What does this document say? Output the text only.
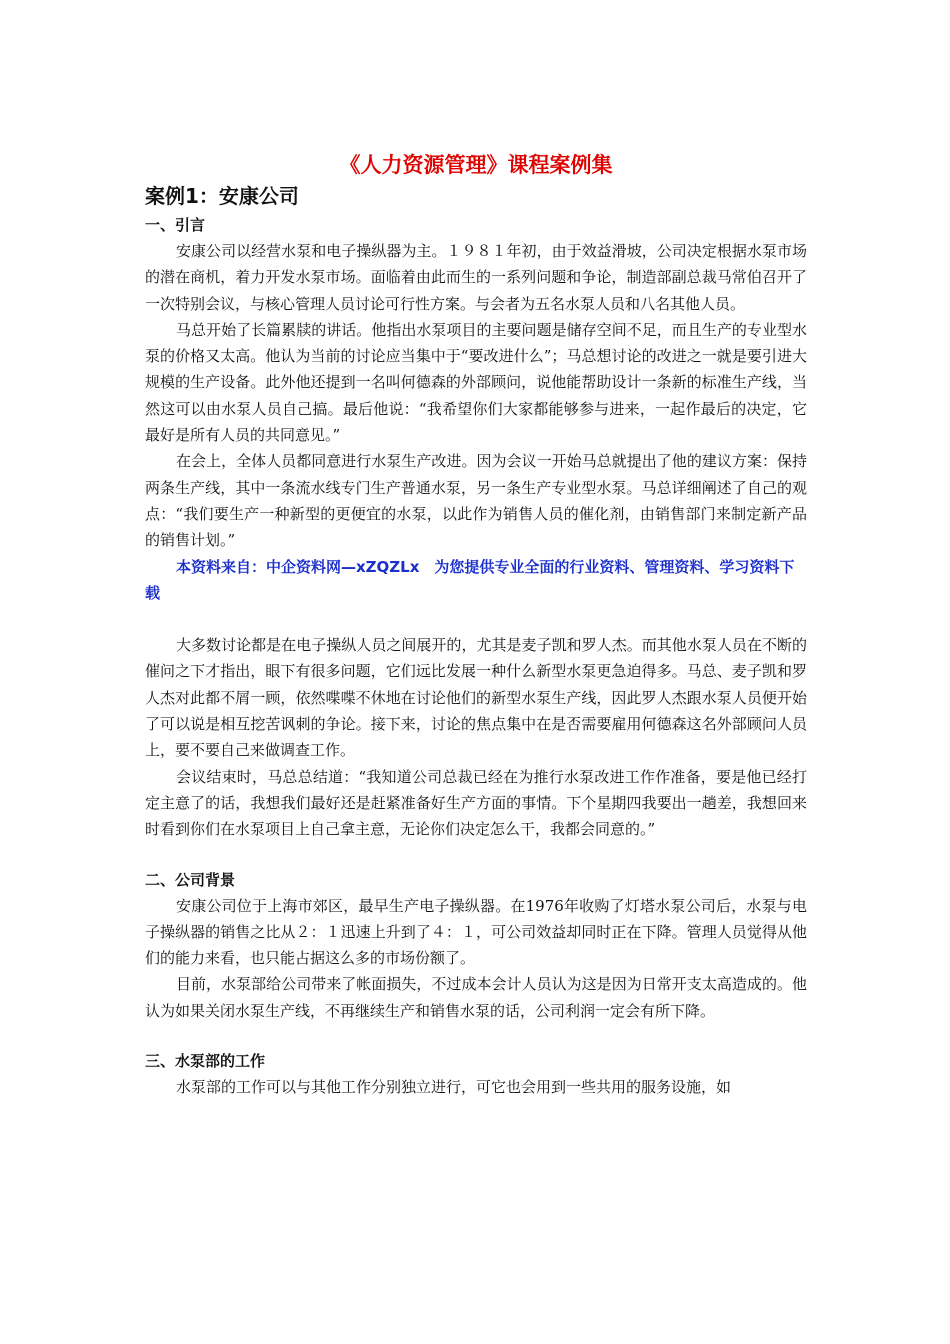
《人力资源管理》课程案例集
案例1：安康公司
一、引言

安康公司以经营水泵和电子操纵器为主。１９８１年初，由于效益滑坡，公司决定根据水泵市场的潜在商机，着力开发水泵市场。面临着由此而生的一系列问题和争论，制造部副总裁马常伯召开了一次特别会议，与核心管理人员讨论可行性方案。与会者为五名水泵人员和八名其他人员。

马总开始了长篇累牍的讲话。他指出水泵项目的主要问题是储存空间不足，而且生产的专业型水泵的价格又太高。他认为当前的讨论应当集中于“要改进什么”；马总想讨论的改进之一就是要引进大规模的生产设备。此外他还提到一名叫何德森的外部顾问，说他能帮助设计一条新的标准生产线，当然这可以由水泵人员自己搞。最后他说：“我希望你们大家都能够参与进来，一起作最后的决定，它最好是所有人员的共同意见。”

在会上，全体人员都同意进行水泵生产改进。因为会议一开始马总就提出了他的建议方案：保持两条生产线，其中一条流水线专门生产普通水泵，另一条生产专业型水泵。马总详细阐述了自己的观点：“我们要生产一种新型的更便宜的水泵，以此作为销售人员的催化剂，由销售部门来制定新产品的销售计划。”

本资料来自：中企资料网—xZQZLx　为您提供专业全面的行业资料、管理资料、学习资料下载

大多数讨论都是在电子操纵人员之间展开的，尤其是麦子凯和罗人杰。而其他水泵人员在不断的催问之下才指出，眼下有很多问题，它们远比发展一种什么新型水泵更急迫得多。马总、麦子凯和罗人杰对此都不屑一顾，依然喋喋不休地在讨论他们的新型水泵生产线，因此罗人杰跟水泵人员便开始了可以说是相互挖苦讽刺的争论。接下来，讨论的焦点集中在是否需要雇用何德森这名外部顾问人员上，要不要自己来做调查工作。

会议结束时，马总总结道：“我知道公司总裁已经在为推行水泵改进工作作准备，要是他已经打定主意了的话，我想我们最好还是赶紧准备好生产方面的事情。下个星期四我要出一趟差，我想回来时看到你们在水泵项目上自己拿主意，无论你们决定怎么干，我都会同意的。”

二、公司背景

安康公司位于上海市郊区，最早生产电子操纵器。在1976年收购了灯塔水泵公司后，水泵与电子操纵器的销售之比从２：１迅速上升到了４：１，可公司效益却同时正在下降。管理人员觉得从他们的能力来看，也只能占据这么多的市场份额了。

目前，水泵部给公司带来了帐面损失，不过成本会计人员认为这是因为日常开支太高造成的。他认为如果关闭水泵生产线，不再继续生产和销售水泵的话，公司利润一定会有所下降。

三、水泵部的工作

水泵部的工作可以与其他工作分别独立进行，可它也会用到一些共用的服务设施，如
